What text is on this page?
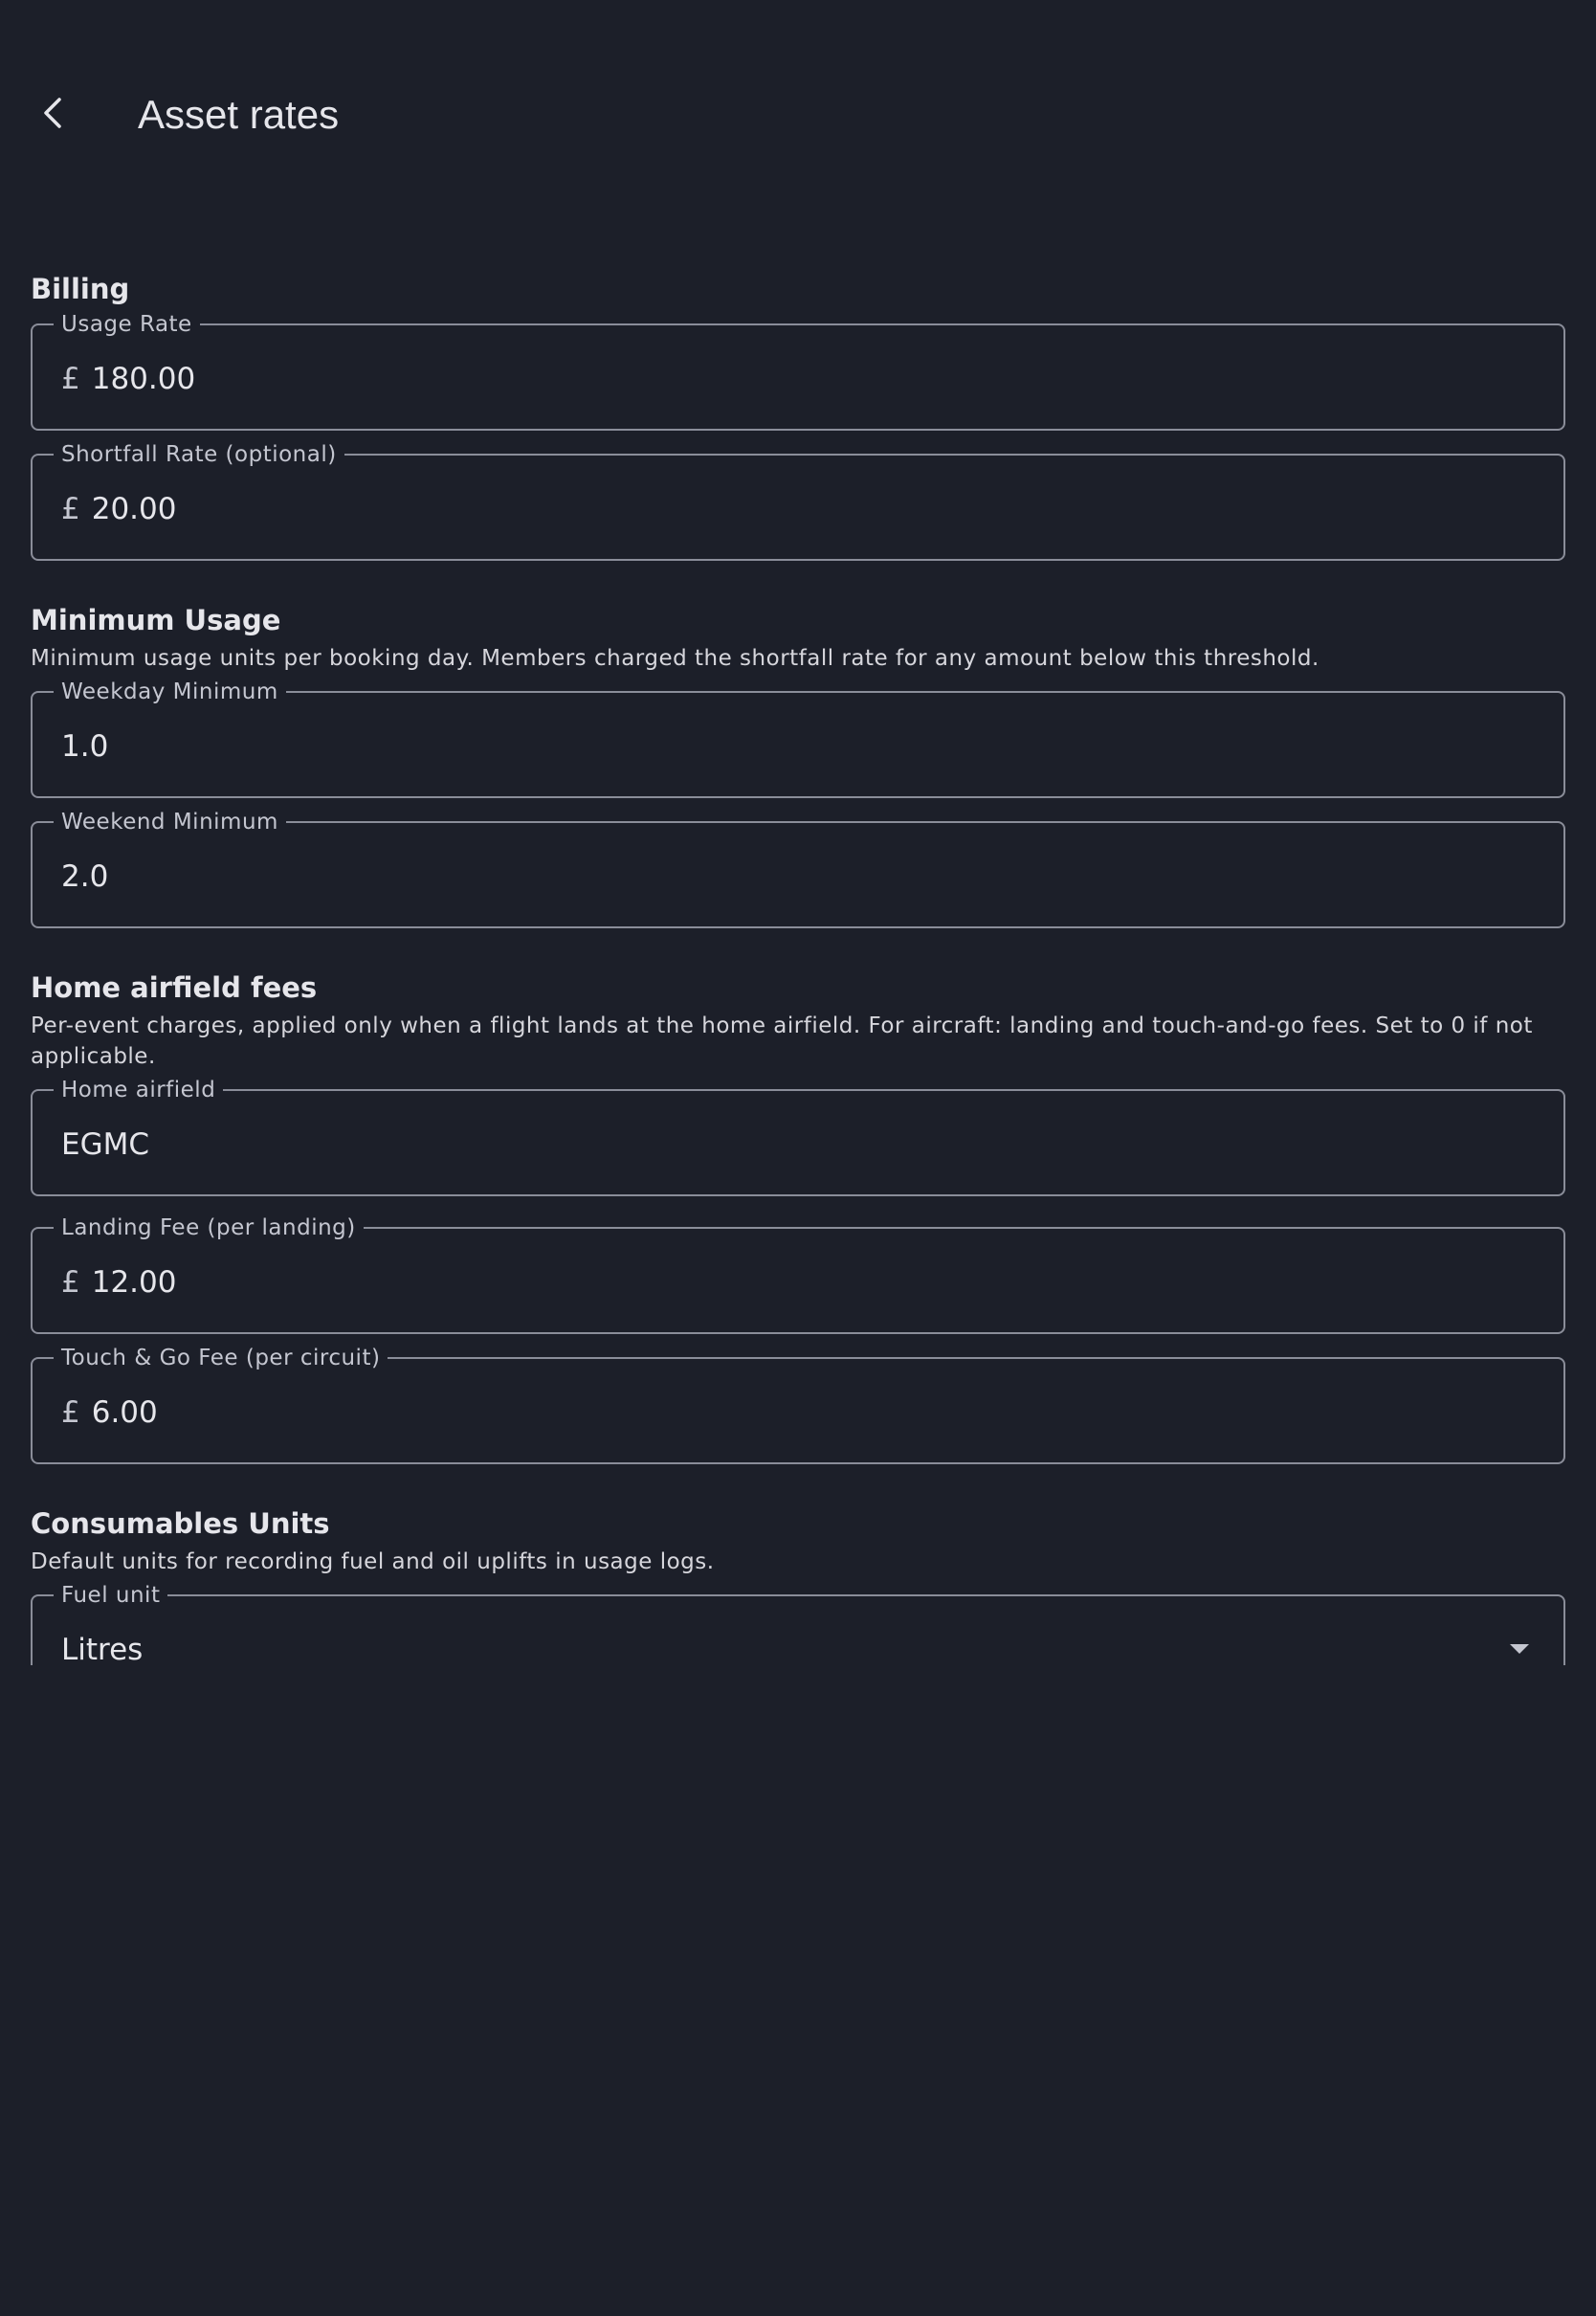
Asset rates
Billing
Usage Rate
£ 180.00
Shortfall Rate (optional)
£ 20.00
Minimum Usage

Minimum usage units per booking day. Members charged the shortfall rate for any amount below this threshold.

Weekday Minimum
1.0
Weekend Minimum
2.0
Home airfield fees

Per-event charges, applied only when a flight lands at the home airfield. For aircraft: landing and touch-and-go fees. Set to 0 if not applicable.

Home airfield
EGMC
Landing Fee (per landing)
£ 12.00
Touch & Go Fee (per circuit)
£ 6.00
Consumables Units

Default units for recording fuel and oil uplifts in usage logs.

Fuel unit
Litres
